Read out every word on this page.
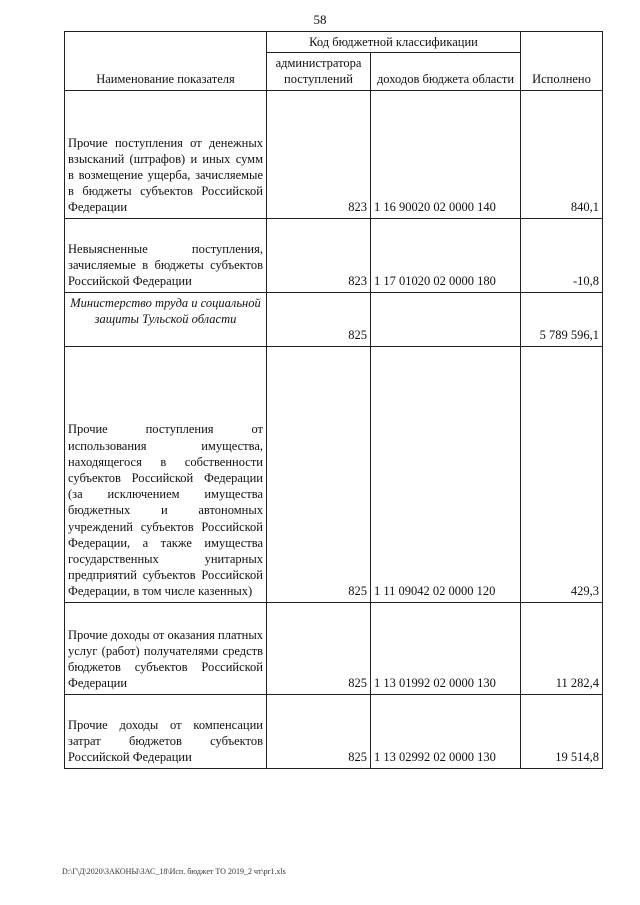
58
Наименование показателя	Код бюджетной классификации		Исполнено
	администратора поступлений	доходов бюджета области	
Прочие поступления от денежных взысканий (штрафов) и иных сумм в возмещение ущерба, зачисляемые в бюджеты субъектов Российской Федерации	823	1 16 90020 02 0000 140	840,1
Невыясненные поступления, зачисляемые в бюджеты субъектов Российской Федерации	823	1 17 01020 02 0000 180	-10,8
Министерство труда и социальной защиты Тульской области	825		5 789 596,1
Прочие поступления от использования имущества, находящегося в собственности субъектов Российской Федерации (за исключением имущества бюджетных и автономных учреждений субъектов Российской Федерации, а также имущества государственных унитарных предприятий субъектов Российской Федерации, в том числе казенных)	825	1 11 09042 02 0000 120	429,3
Прочие доходы от оказания платных услуг (работ) получателями средств бюджетов субъектов Российской Федерации	825	1 13 01992 02 0000 130	11 282,4
Прочие доходы от компенсации затрат бюджетов субъектов Российской Федерации	825	1 13 02992 02 0000 130	19 514,8
D:\Г\Д\2020\ЗАКОНЫ\ЗАС_18\Исп. бюджет ТО 2019_2 чт\pr1.xls
